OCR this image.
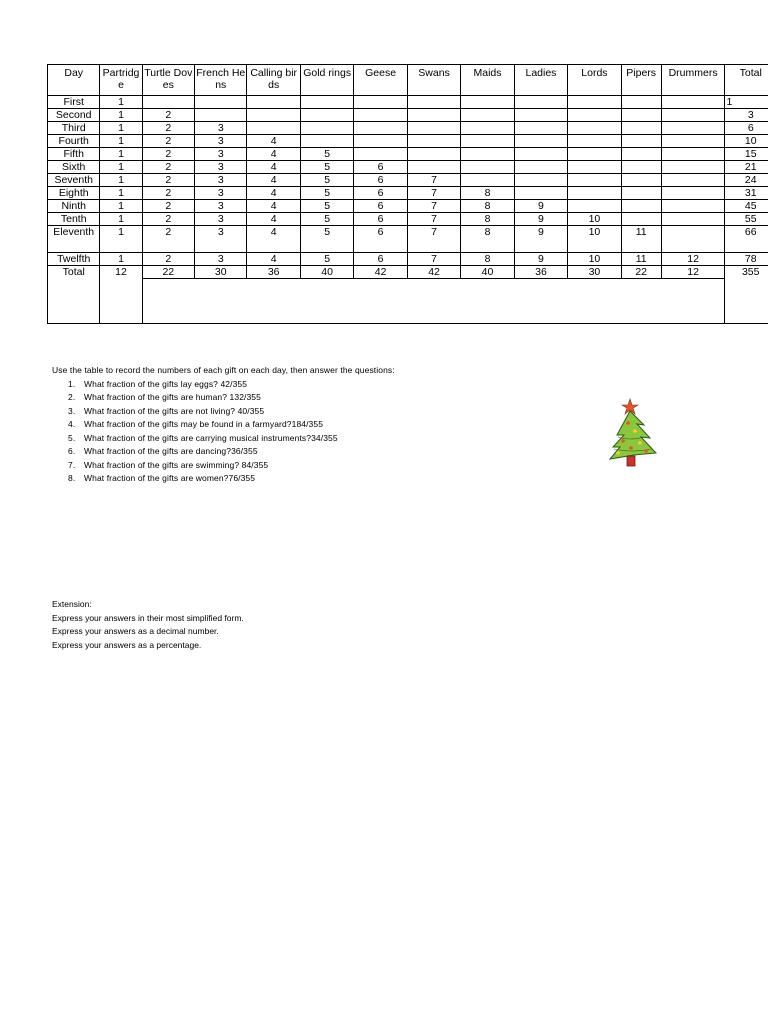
Day	Partridge	Turtle Doves	French Hens	Calling birds	Gold rings	Geese	Swans	Maids	Ladies	Lords	Pipers	Drummers	Total
First	1												1
Second	1	2											3
Third	1	2	3										6
Fourth	1	2	3	4									10
Fifth	1	2	3	4	5								15
Sixth	1	2	3	4	5	6							21
Seventh	1	2	3	4	5	6	7						24
Eighth	1	2	3	4	5	6	7	8					31
Ninth	1	2	3	4	5	6	7	8	9				45
Tenth	1	2	3	4	5	6	7	8	9	10			55
Eleventh	1	2	3	4	5	6	7	8	9	10	11		66
Twelfth	1	2	3	4	5	6	7	8	9	10	11	12	78
Total	12	22	30	36	40	42	42	40	36	30	22	12	355

Use the table to record the numbers of each gift on each day, then answer the questions:

1. What fraction of the gifts lay eggs? 42/355
2. What fraction of the gifts are human? 132/355
3. What fraction of the gifts are not living? 40/355
4. What fraction of the gifts may be found in a farmyard?184/355
5. What fraction of the gifts are carrying musical instruments?34/355
6. What fraction of the gifts are dancing?36/355
7. What fraction of the gifts are swimming? 84/355
8. What fraction of the gifts are women?76/355

Extension:

Express your answers in their most simplified form.

Express your answers as a decimal number.

Express your answers as a percentage.
